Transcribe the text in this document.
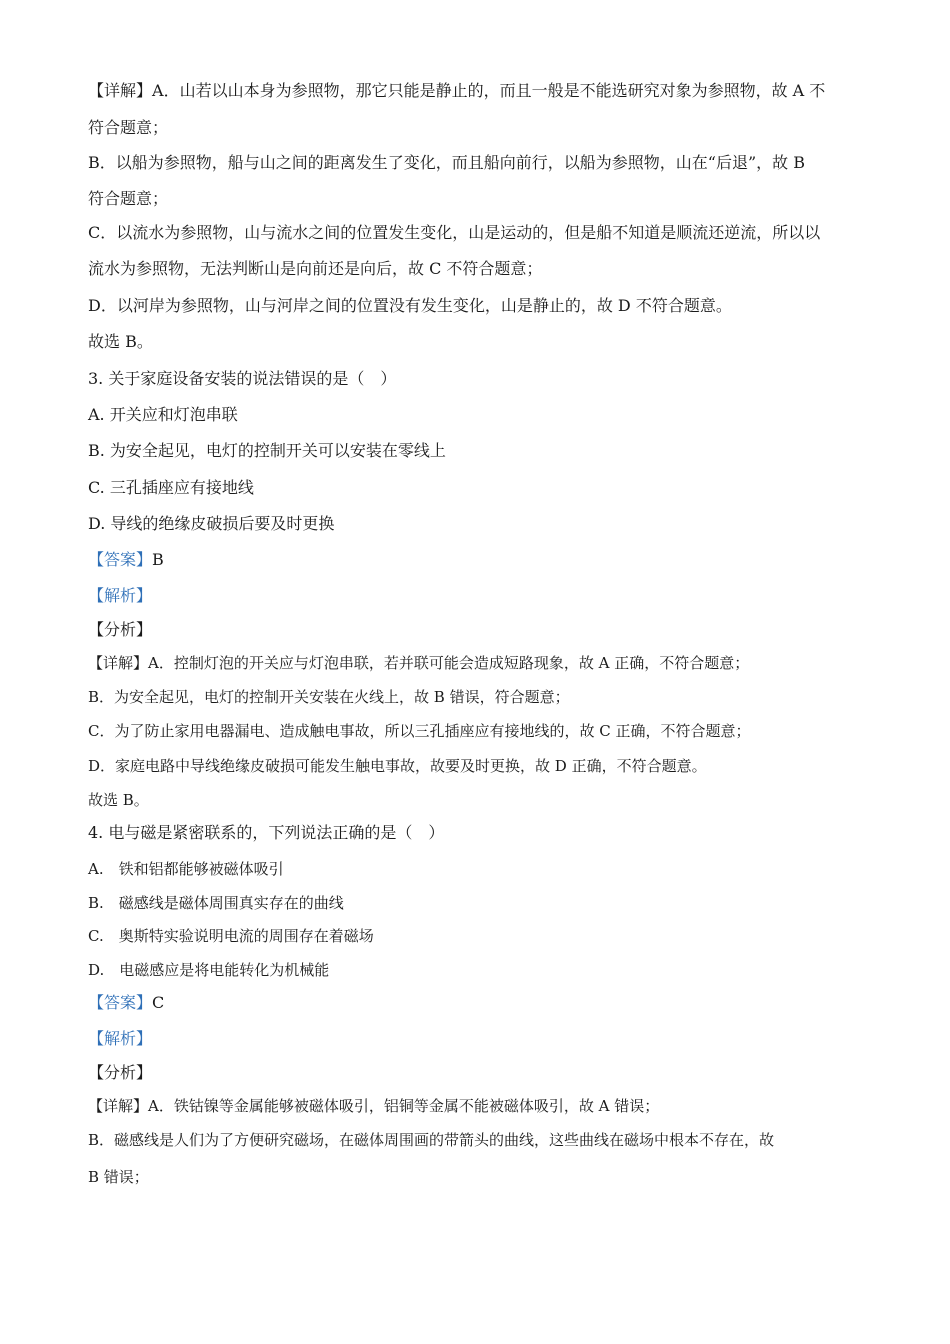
【详解】A．山若以山本身为参照物，那它只能是静止的，而且一般是不能选研究对象为参照物，故 A 不
符合题意；
B．以船为参照物，船与山之间的距离发生了变化，而且船向前行，以船为参照物，山在“后退”，故 B
符合题意；
C．以流水为参照物，山与流水之间的位置发生变化，山是运动的，但是船不知道是顺流还逆流，所以以
流水为参照物，无法判断山是向前还是向后，故 C 不符合题意；
D．以河岸为参照物，山与河岸之间的位置没有发生变化，山是静止的，故 D 不符合题意。
故选 B。
3. 关于家庭设备安装的说法错误的是（　）
A. 开关应和灯泡串联
B. 为安全起见，电灯的控制开关可以安装在零线上
C. 三孔插座应有接地线
D. 导线的绝缘皮破损后要及时更换
【答案】B
【解析】
【分析】
【详解】A．控制灯泡的开关应与灯泡串联，若并联可能会造成短路现象，故 A 正确，不符合题意；
B．为安全起见，电灯的控制开关安装在火线上，故 B 错误，符合题意；
C．为了防止家用电器漏电、造成触电事故，所以三孔插座应有接地线的，故 C 正确，不符合题意；
D．家庭电路中导线绝缘皮破损可能发生触电事故，故要及时更换，故 D 正确，不符合题意。
故选 B。
4. 电与磁是紧密联系的，下列说法正确的是（　）
A.　铁和铝都能够被磁体吸引
B.　磁感线是磁体周围真实存在的曲线
C.　奥斯特实验说明电流的周围存在着磁场
D.　电磁感应是将电能转化为机械能
【答案】C
【解析】
【分析】
【详解】A．铁钴镍等金属能够被磁体吸引，铝铜等金属不能被磁体吸引，故 A 错误；
B．磁感线是人们为了方便研究磁场，在磁体周围画的带箭头的曲线，这些曲线在磁场中根本不存在，故
B 错误；
